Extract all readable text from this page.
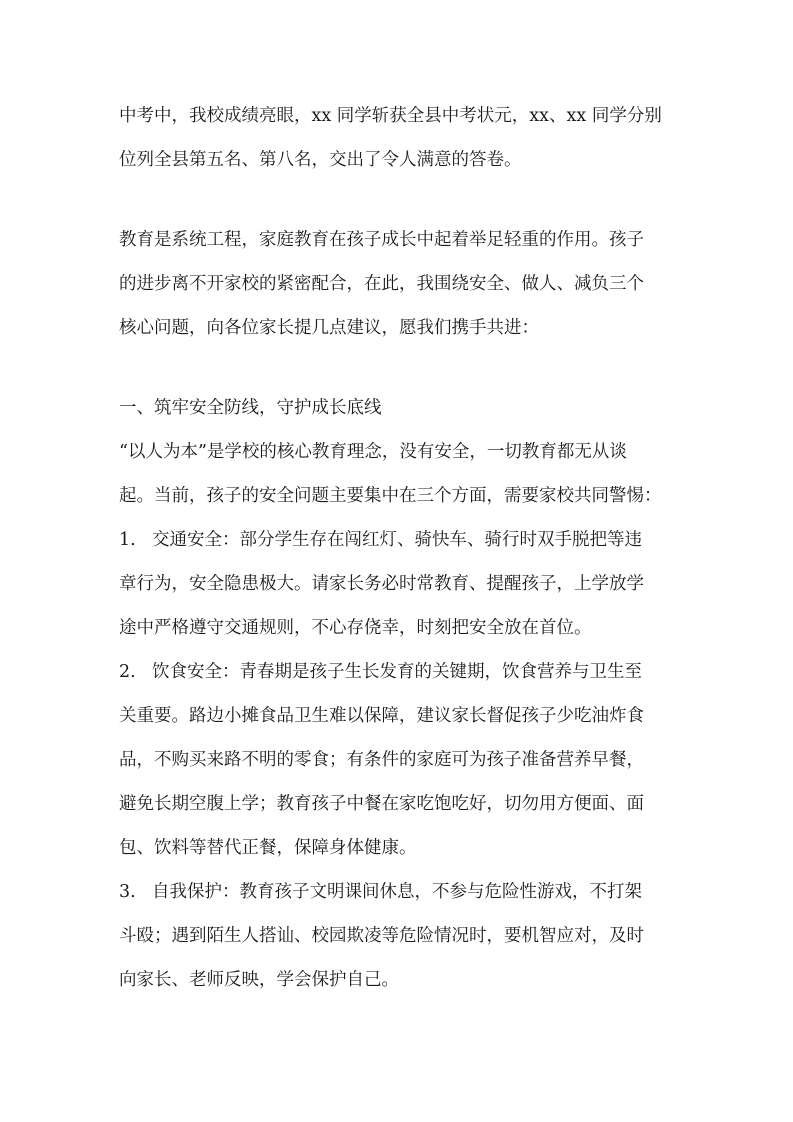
中考中，我校成绩亮眼，xx 同学斩获全县中考状元，xx、xx 同学分别
位列全县第五名、第八名，交出了令人满意的答卷。
教育是系统工程，家庭教育在孩子成长中起着举足轻重的作用。孩子
的进步离不开家校的紧密配合，在此，我围绕安全、做人、减负三个
核心问题，向各位家长提几点建议，愿我们携手共进：
一、筑牢安全防线，守护成长底线
“以人为本”是学校的核心教育理念，没有安全，一切教育都无从谈
起。当前，孩子的安全问题主要集中在三个方面，需要家校共同警惕：
1. 交通安全：部分学生存在闯红灯、骑快车、骑行时双手脱把等违
章行为，安全隐患极大。请家长务必时常教育、提醒孩子，上学放学
途中严格遵守交通规则，不心存侥幸，时刻把安全放在首位。
2. 饮食安全：青春期是孩子生长发育的关键期，饮食营养与卫生至
关重要。路边小摊食品卫生难以保障，建议家长督促孩子少吃油炸食
品，不购买来路不明的零食；有条件的家庭可为孩子准备营养早餐，
避免长期空腹上学；教育孩子中餐在家吃饱吃好，切勿用方便面、面
包、饮料等替代正餐，保障身体健康。
3. 自我保护：教育孩子文明课间休息，不参与危险性游戏，不打架
斗殴；遇到陌生人搭讪、校园欺凌等危险情况时，要机智应对，及时
向家长、老师反映，学会保护自己。
